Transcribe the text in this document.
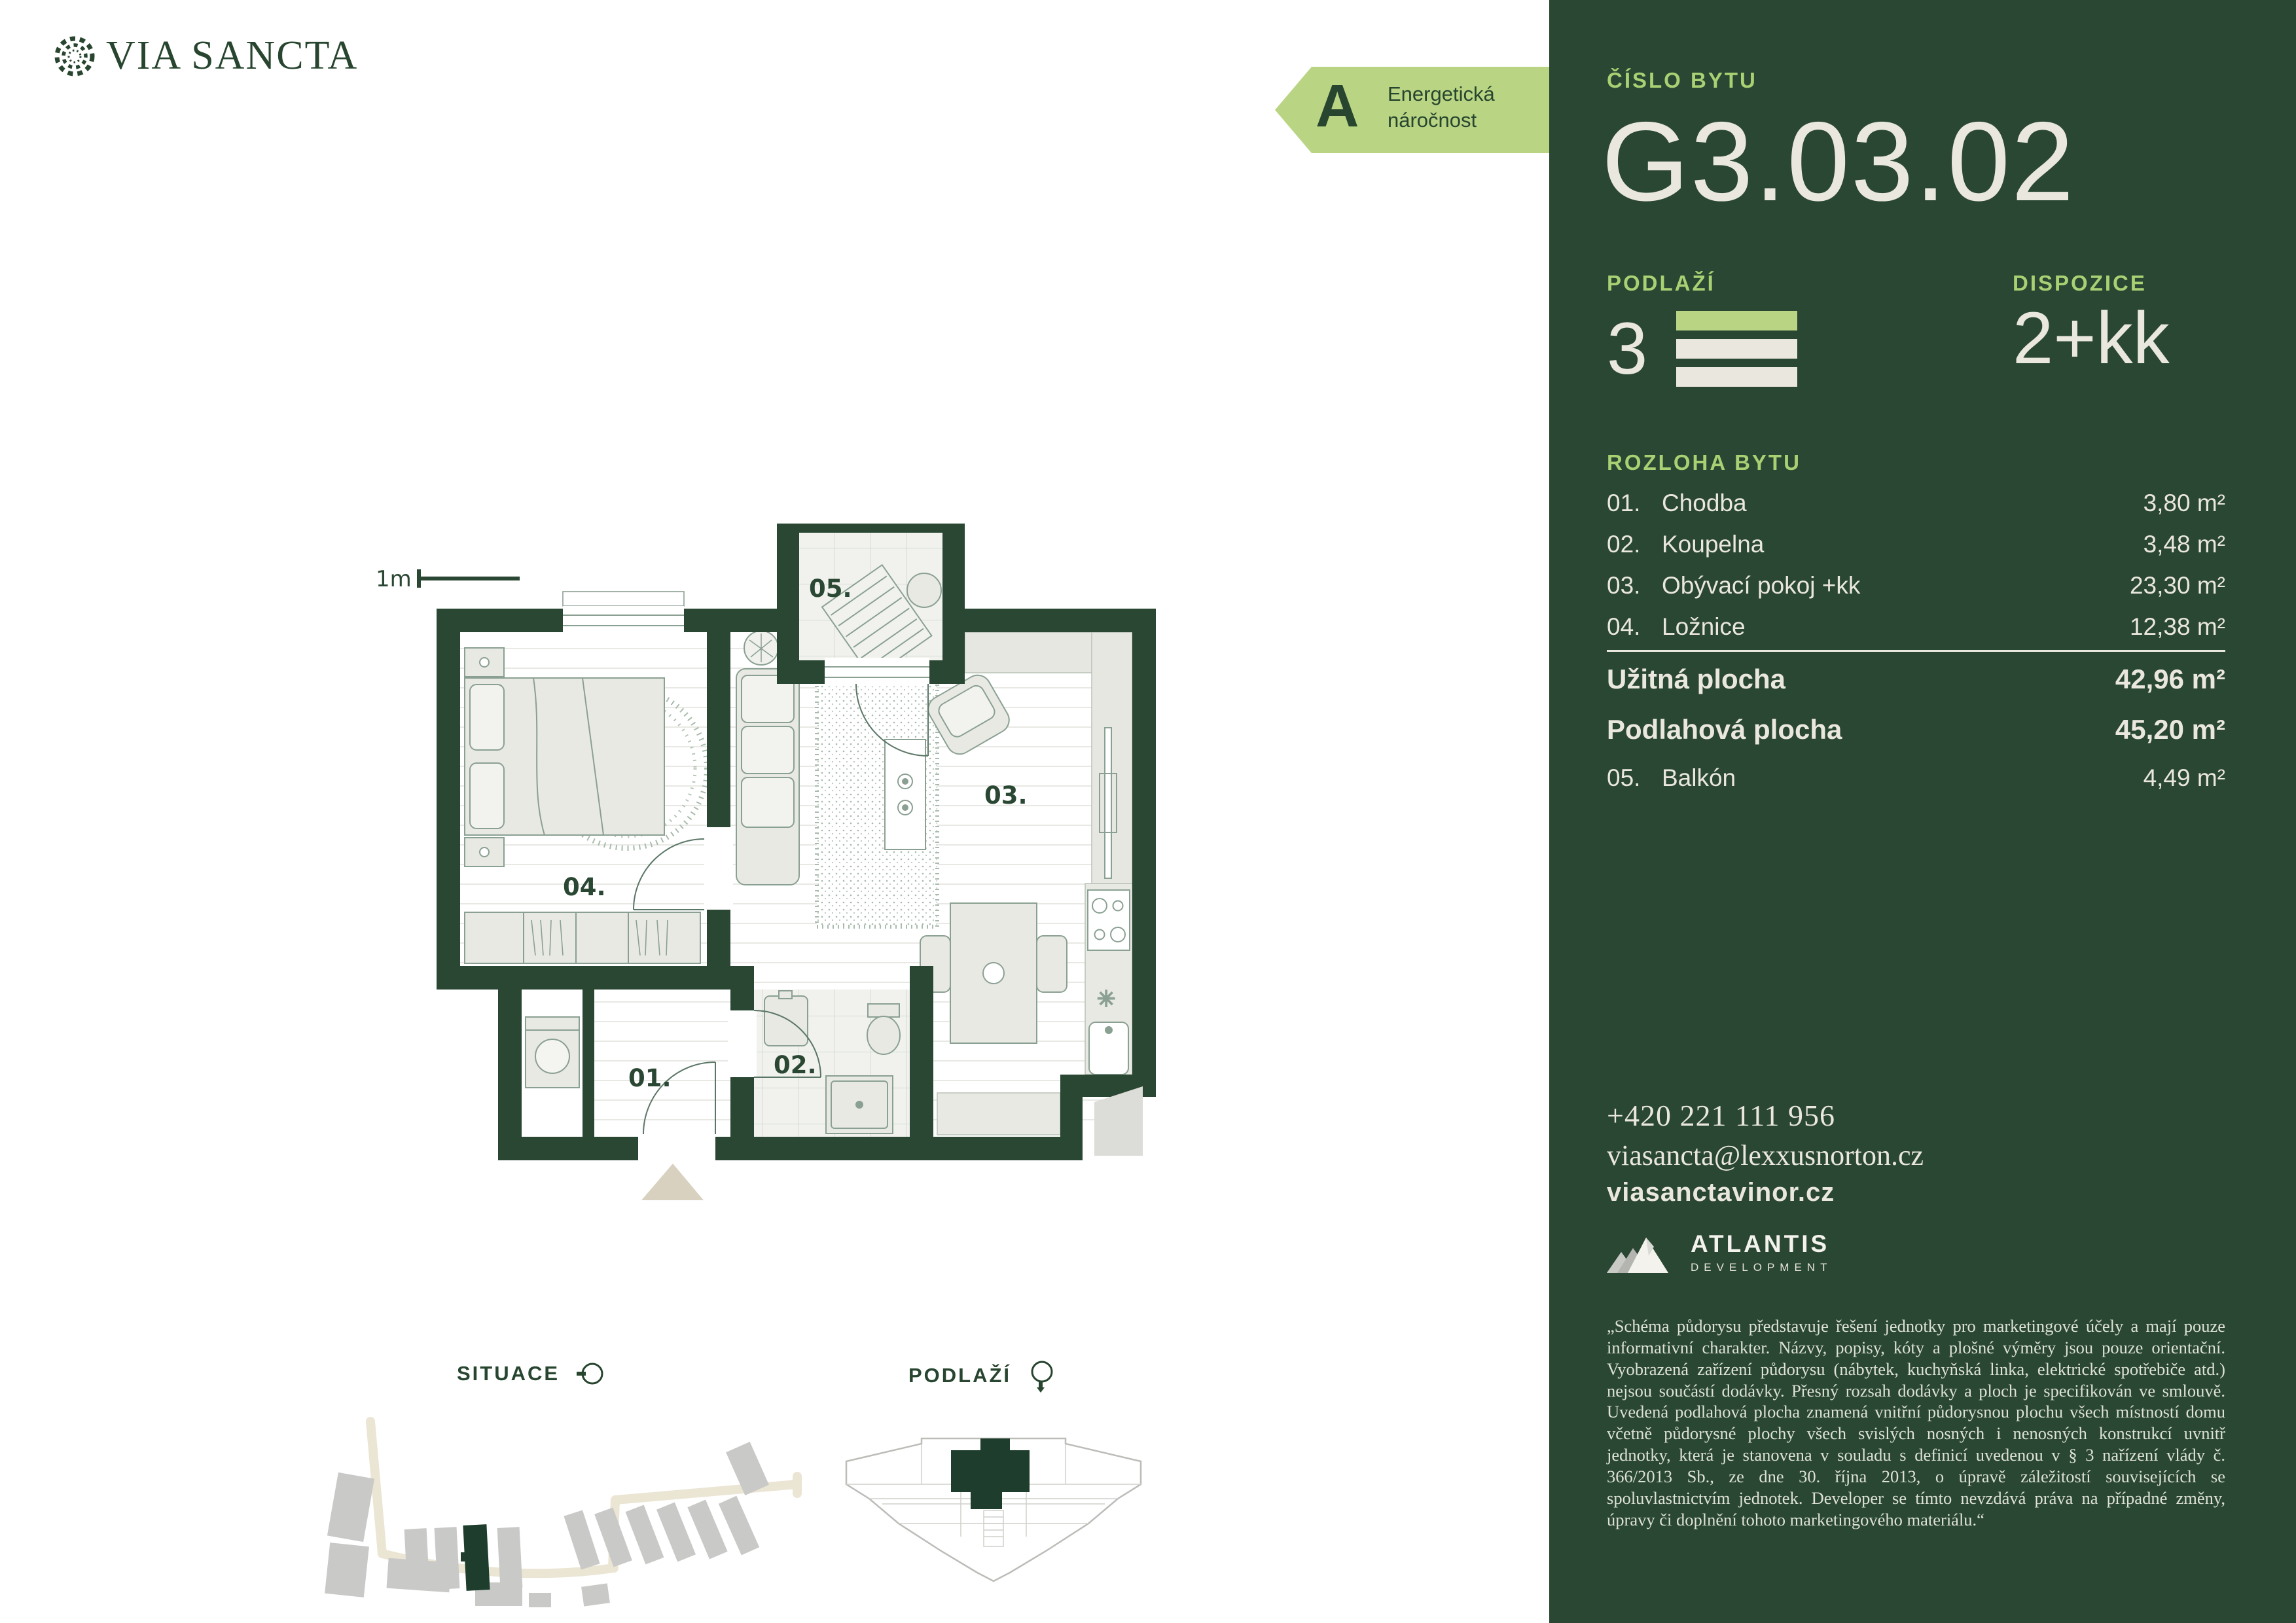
VIA SANCTA
A Energetická
náročnost
✳
1m	05.
04.
03.
01.	02.
ČÍSLO BYTU
G3.03.02
PODLAŽÍ
3
DISPOZICE
2+kk
ROZLOHA BYTU
01. Chodba	3,80 m²
02. Koupelna	3,48 m²
03. Obývací pokoj +kk	23,30 m²
04. Ložnice	12,38 m²
Užitná plocha	42,96 m²
Podlahová plocha	45,20 m²
05. Balkón	4,49 m²
+420 221 111 956
viasancta@lexxusnorton.cz
viasanctavinor.cz
ATLANTIS
DEVELOPMENT
„Schéma půdorysu představuje řešení jednotky pro marketingové účely a mají pouze informativní charakter. Názvy, popisy, kóty a plošné výměry jsou pouze orientační. Vyobrazená zařízení půdorysu (nábytek, kuchyňská linka, elektrické spotřebiče atd.) nejsou součástí dodávky. Přesný rozsah dodávky a ploch je specifikován ve smlouvě. Uvedená podlahová plocha znamená vnitřní půdorysnou plochu všech místností domu včetně půdorysné plochy všech svislých nosných i nenosných konstrukcí uvnitř jednotky, která je stanovena v souladu s definicí uvedenou v § 3 nařízení vlády č. 366/2013 Sb., ze dne 30. října 2013, o úpravě záležitostí souvisejících se spoluvlastnictvím jednotek. Developer se tímto nevzdává práva na případné změny, úpravy či doplnění tohoto marketingového materiálu.“
SITUACE	PODLAŽÍ
